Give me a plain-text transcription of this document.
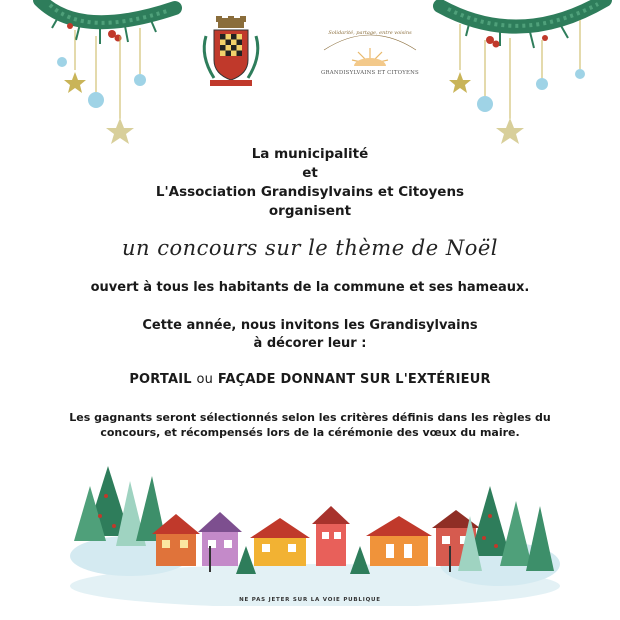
Solidarité, partage, entre voisins
GRANDISYLVAINS ET CITOYENS
La municipalité
et
L'Association Grandisylvains et Citoyens
organisent
un concours sur le thème de Noël
ouvert à tous les habitants de la commune et ses hameaux.
Cette année, nous invitons les Grandisylvains
à décorer leur :
PORTAIL ou FAÇADE DONNANT SUR L'EXTÉRIEUR
Les gagnants seront sélectionnés selon les critères définis dans les règles du
concours, et récompensés lors de la cérémonie des vœux du maire.
NE PAS JETER SUR LA VOIE PUBLIQUE
